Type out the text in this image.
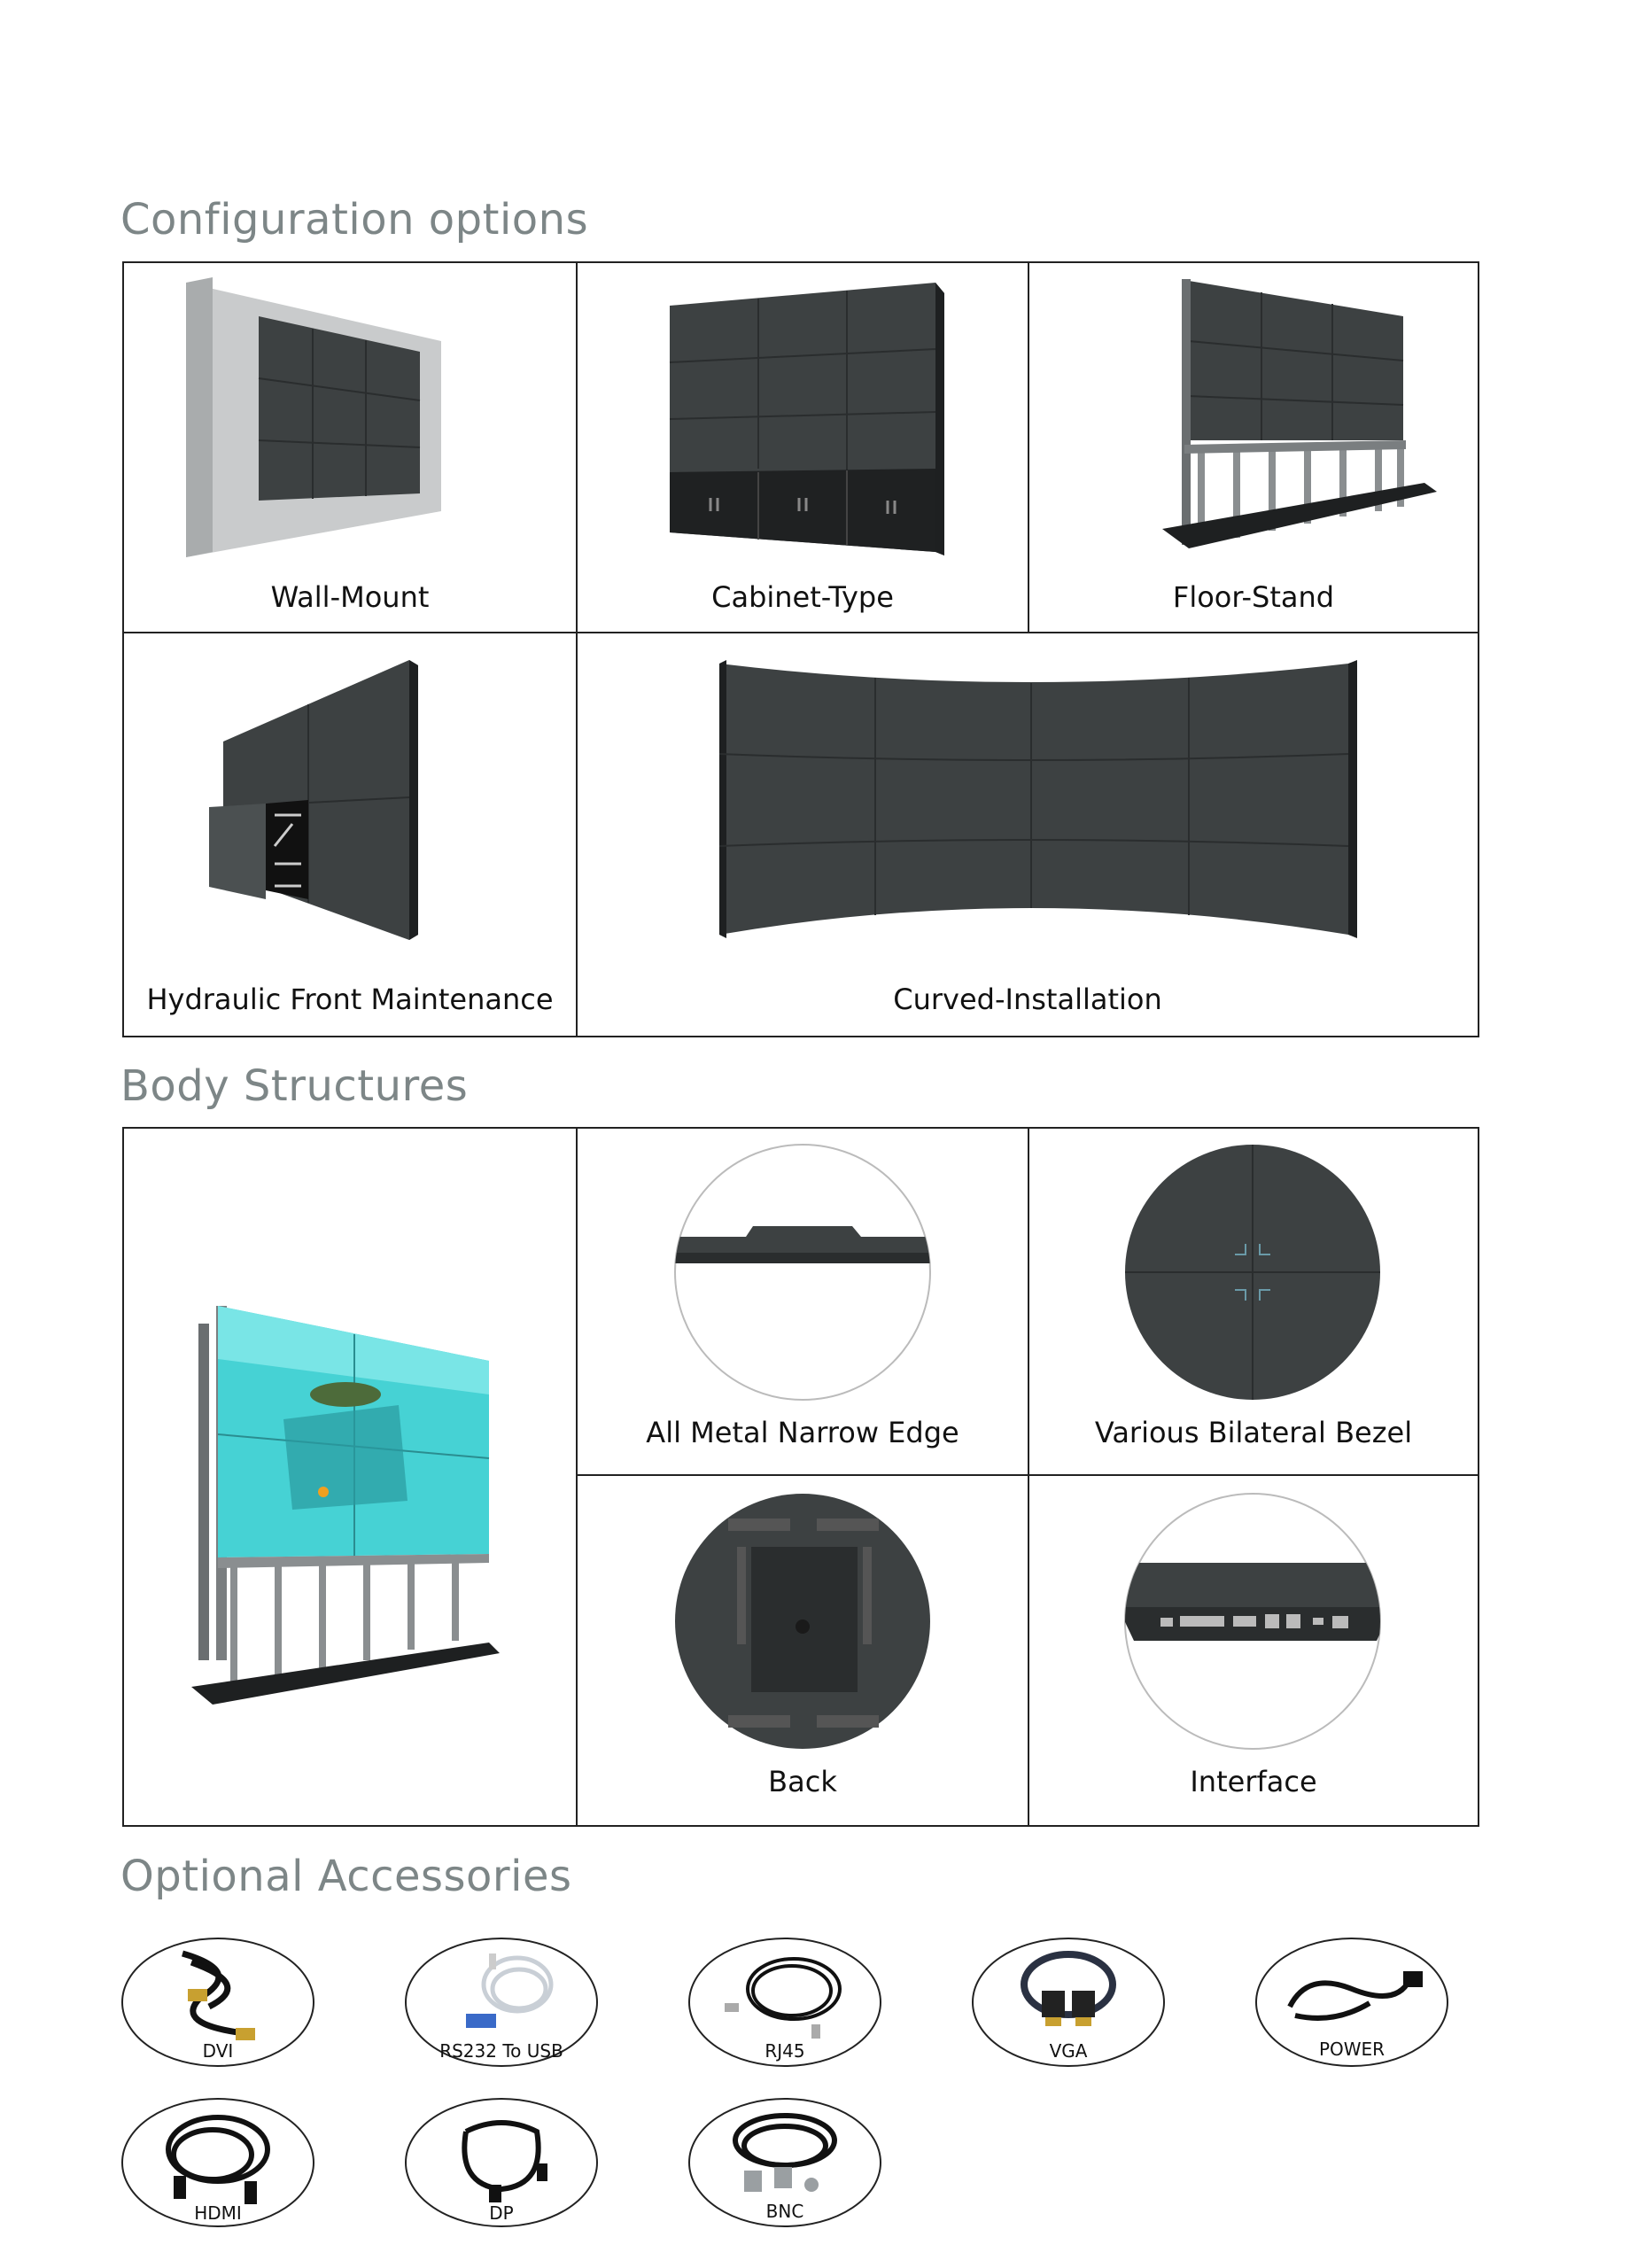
Configuration options
Wall-Mount	Cabinet-Type	Floor-Stand
Hydraulic Front Maintenance	Curved-Installation
Body Structures
All Metal Narrow Edge	Various Bilateral Bezel
Back	Interface
Optional Accessories
DVI	RS232 To USB	RJ45	VGA	POWER
HDMI	DP	BNC
